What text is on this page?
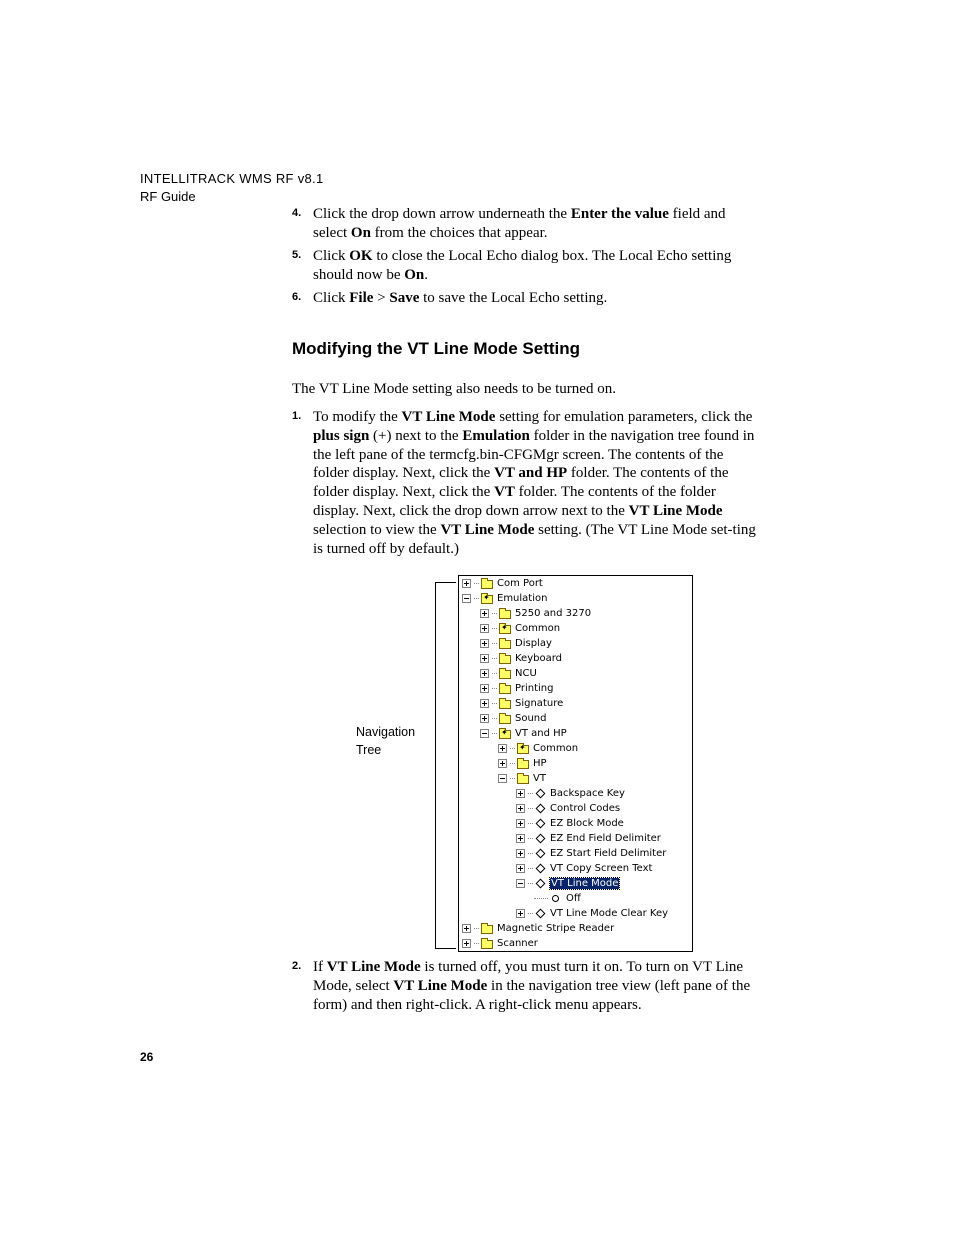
INTELLITRACK WMS RF v8.1
RF Guide
4. Click the drop down arrow underneath the Enter the value field and select On from the choices that appear.
5. Click OK to close the Local Echo dialog box. The Local Echo setting should now be On.
6. Click File > Save to save the Local Echo setting.
Modifying the VT Line Mode Setting
The VT Line Mode setting also needs to be turned on.
1. To modify the VT Line Mode setting for emulation parameters, click the plus sign (+) next to the Emulation folder in the navigation tree found in the left pane of the termcfg.bin-CFGMgr screen. The contents of the folder display. Next, click the VT and HP folder. The contents of the folder display. Next, click the VT folder. The contents of the folder display. Next, click the drop down arrow next to the VT Line Mode selection to view the VT Line Mode setting. (The VT Line Mode set-ting is turned off by default.)
Navigation
Tree
Com Port
✦
Emulation
5250 and 3270
✦
Common
Display
Keyboard
NCU
Printing
Signature
Sound
✦
VT and HP
✦
Common
HP
VT
Backspace Key
Control Codes
EZ Block Mode
EZ End Field Delimiter
EZ Start Field Delimiter
VT Copy Screen Text
VT Line Mode
Off
VT Line Mode Clear Key
Magnetic Stripe Reader
Scanner
2. If VT Line Mode is turned off, you must turn it on. To turn on VT Line Mode, select VT Line Mode in the navigation tree view (left pane of the form) and then right-click. A right-click menu appears.
26
